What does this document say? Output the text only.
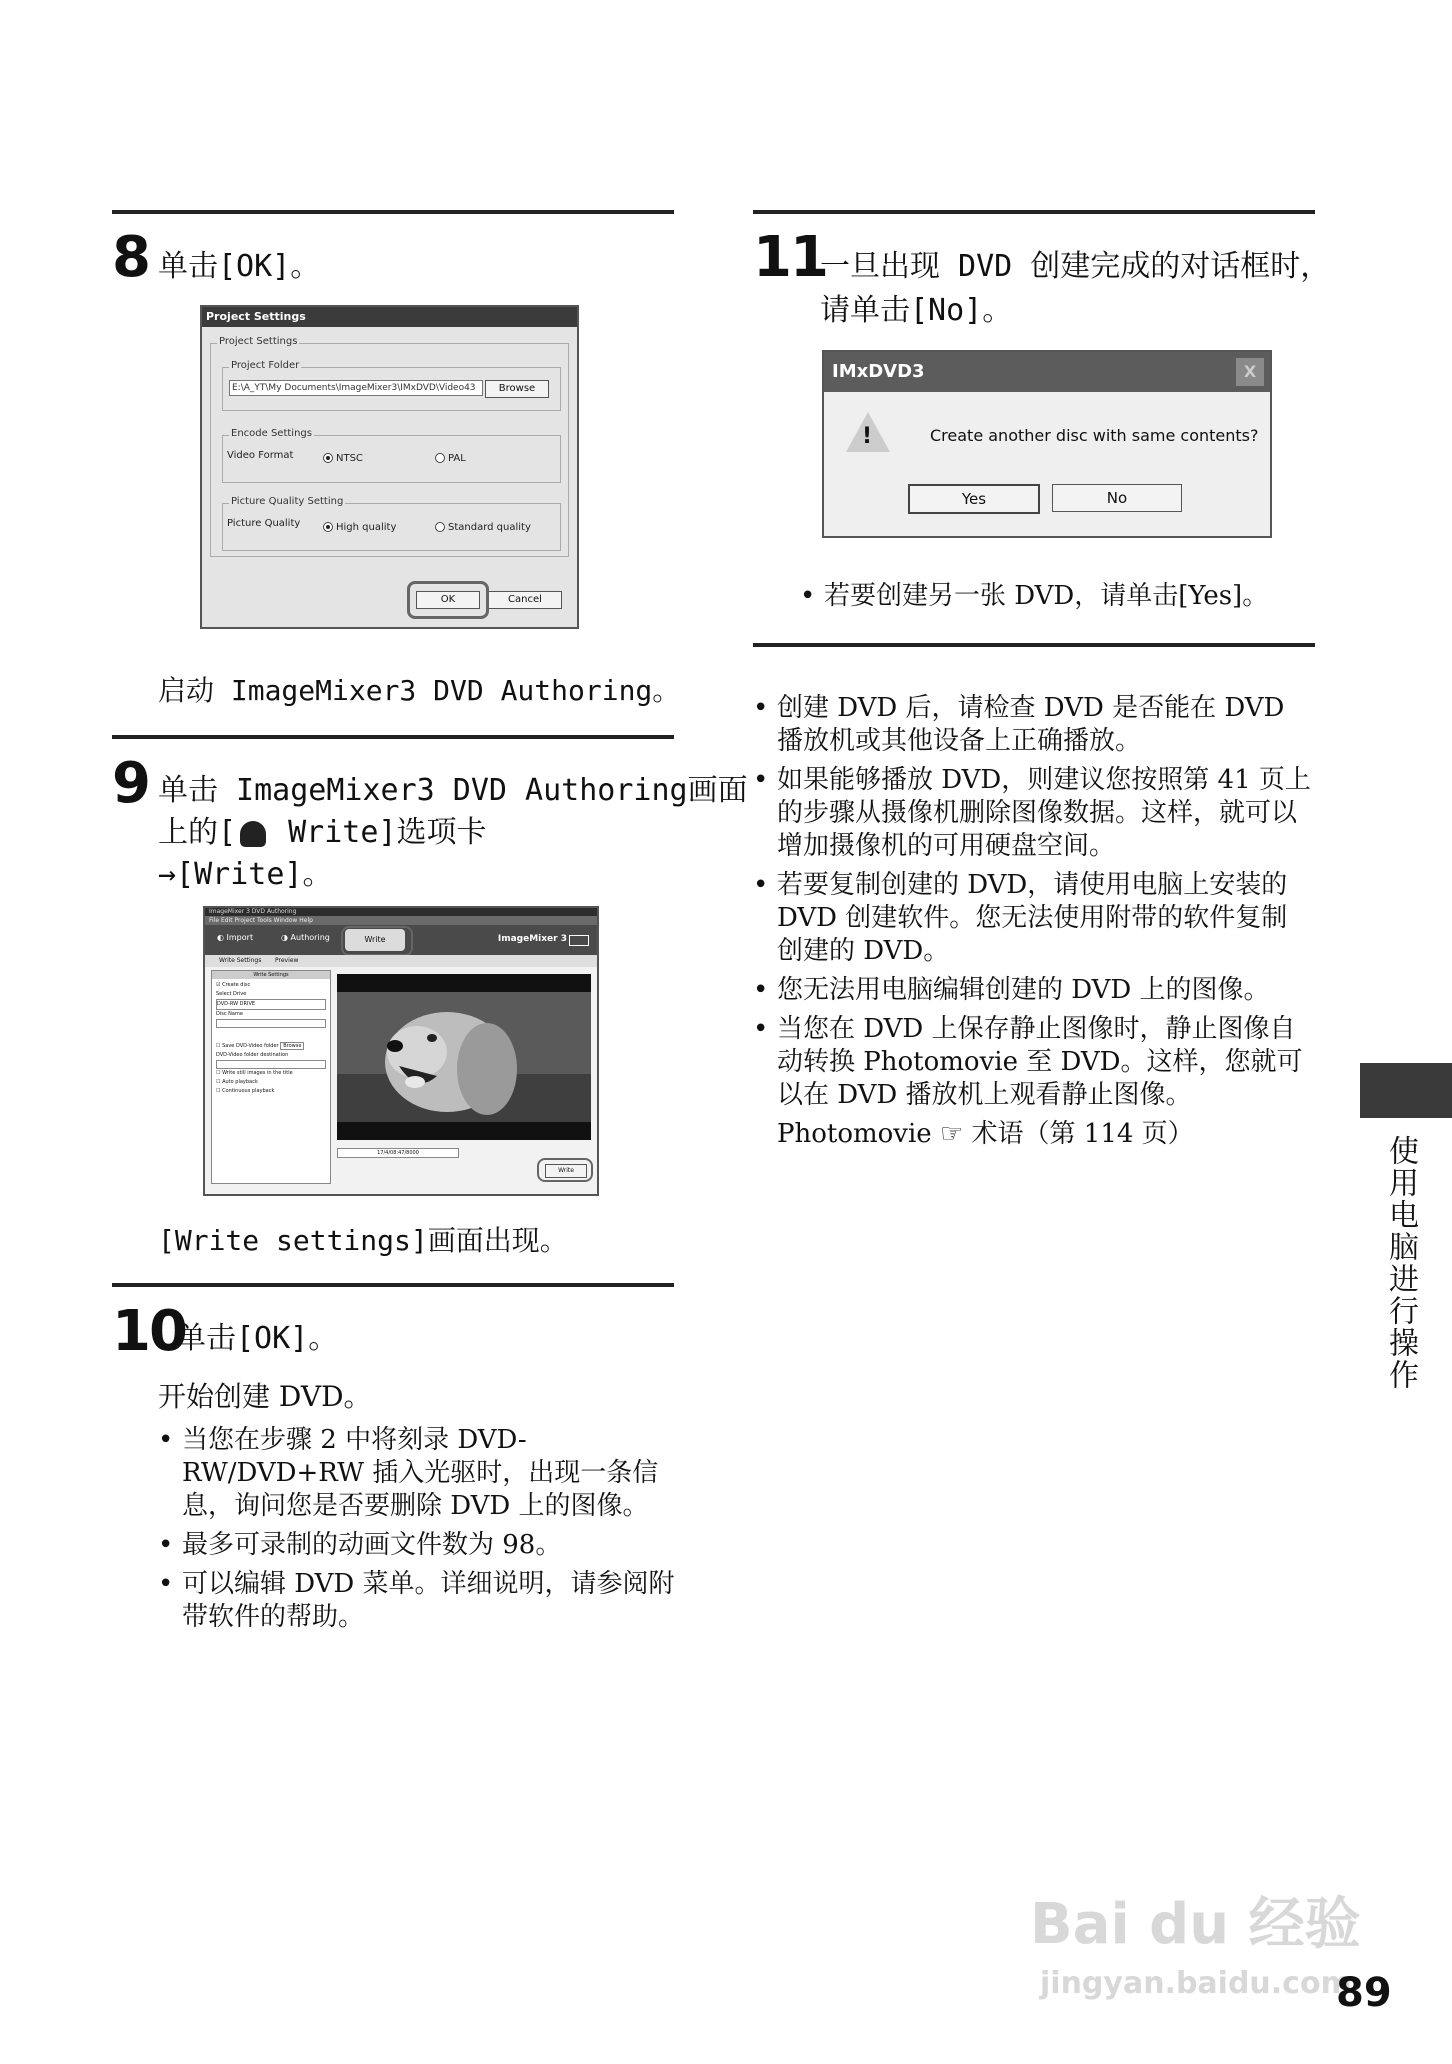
8 单击[OK]。
Project Settings
Project Settings
Project Folder
E:\A_YT\My Documents\ImageMixer3\IMxDVD\Video43	Browse
Encode Settings
Video Format	NTSC	PAL
Picture Quality Setting
Picture Quality	High quality	Standard quality
OK	Cancel
启动 ImageMixer3 DVD Authoring。
9 单击 ImageMixer3 DVD Authoring画面
上的[ Write]选项卡
→[Write]。
ImageMixer 3 DVD Authoring
File Edit Project Tools Window Help
◐ Import	◑ Authoring	Write	ImageMixer 3
Write Settings Preview
Write Settings
☑ Create disc
Select Drive
DVD-RW DRIVE
Disc Name
☐ Save DVD-Video folder Browse
DVD-Video folder destination
☐ Write still images in the title
☐ Auto playback
☐ Continuous playback
17/4/08:47/8000
Write
[Write settings]画面出现。
10
单击[OK]。
开始创建 DVD。
• 当您在步骤 2 中将刻录 DVD-RW/DVD+RW 插入光驱时，出现一条信息，询问您是否要删除 DVD 上的图像。
• 最多可录制的动画文件数为 98。
• 可以编辑 DVD 菜单。详细说明，请参阅附带软件的帮助。
11
一旦出现 DVD 创建完成的对话框时，
请单击[No]。
IMxDVD3	X
!	Create another disc with same contents?
Yes	No
• 若要创建另一张 DVD，请单击[Yes]。
• 创建 DVD 后，请检查 DVD 是否能在 DVD 播放机或其他设备上正确播放。
• 如果能够播放 DVD，则建议您按照第 41 页上的步骤从摄像机删除图像数据。这样，就可以增加摄像机的可用硬盘空间。
• 若要复制创建的 DVD，请使用电脑上安装的 DVD 创建软件。您无法使用附带的软件复制创建的 DVD。
• 您无法用电脑编辑创建的 DVD 上的图像。
• 当您在 DVD 上保存静止图像时，静止图像自动转换 Photomovie 至 DVD。这样，您就可以在 DVD 播放机上观看静止图像。
Photomovie ☞ 术语（第 114 页）
使用电脑进行操作
Bai du 经验
jingyan.baidu.com
89
